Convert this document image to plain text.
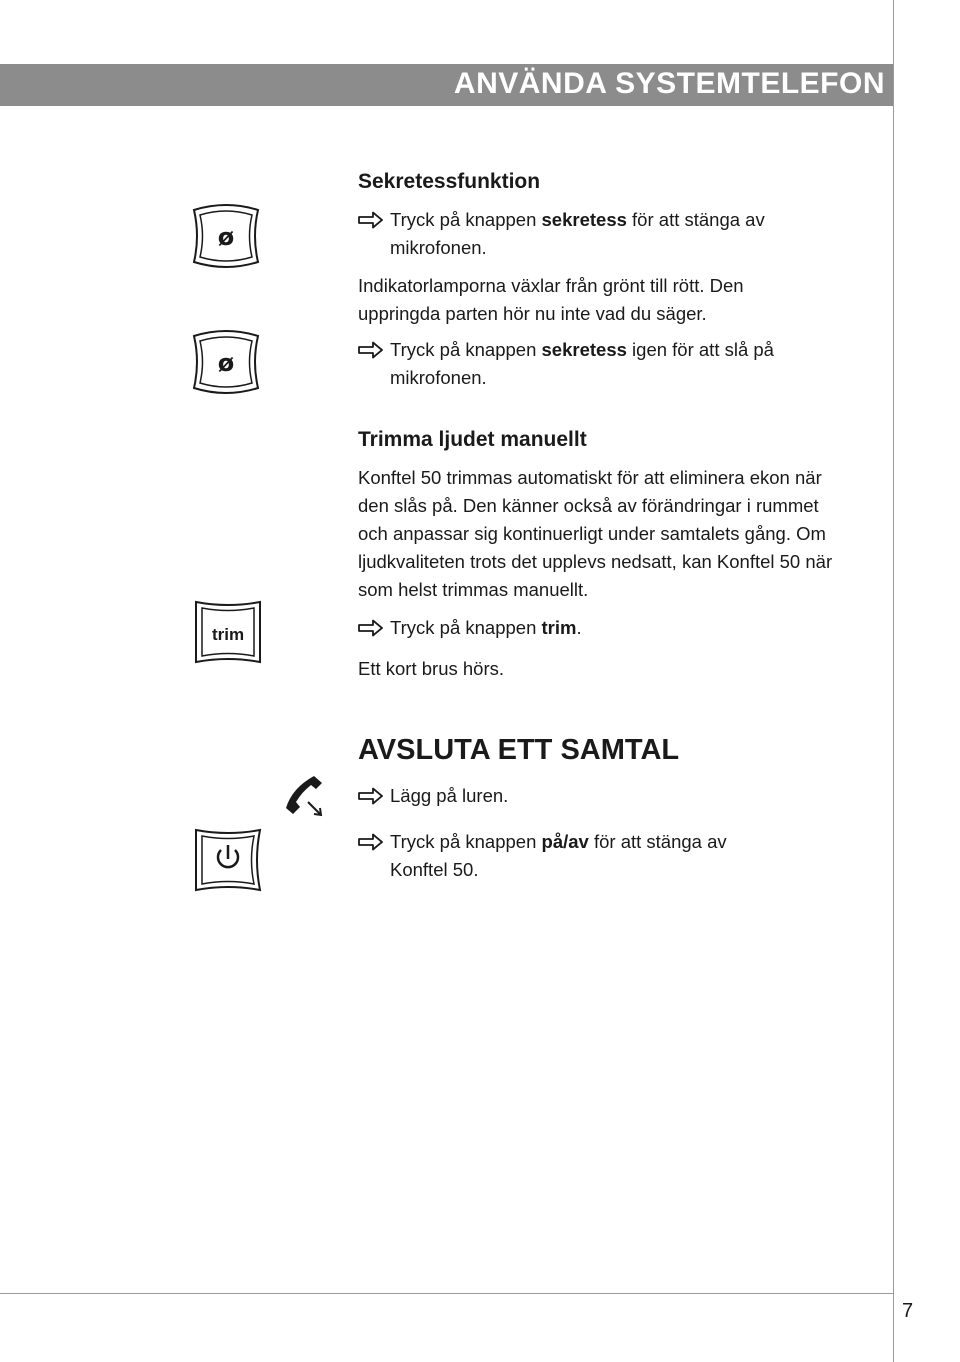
ANVÄNDA SYSTEMTELEFON
ø
ø
trim
Sekretessfunktion
Tryck på knappen sekretess för att stänga av mikrofonen.
Indikatorlamporna växlar från grönt till rött. Den uppringda parten hör nu inte vad du säger.
Tryck på knappen sekretess igen för att slå på mikrofonen.
Trimma ljudet manuellt
Konftel 50 trimmas automatiskt för att eliminera ekon när den slås på. Den känner också av förändringar i rummet och anpassar sig kontinuerligt under samtalets gång. Om ljudkvaliteten trots det upplevs nedsatt, kan Konftel 50 när som helst trimmas manuellt.
Tryck på knappen trim.
Ett kort brus hörs.
AVSLUTA ETT SAMTAL
Lägg på luren.
Tryck på knappen på/av för att stänga av Konftel 50.
7
